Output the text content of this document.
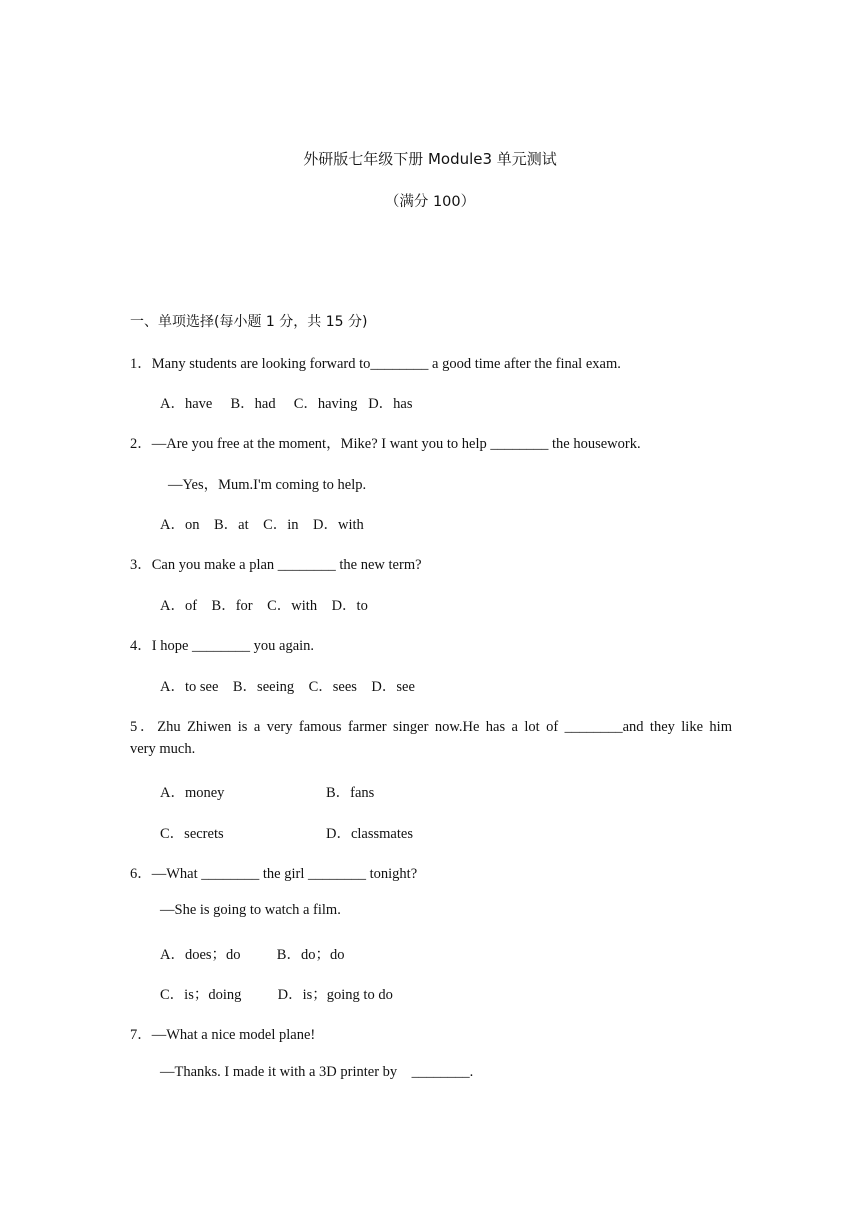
外研版七年级下册 Module3 单元测试
（满分 100）
一、单项选择(每小题 1 分，共 15 分)
1．Many students are looking forward to________ a good time after the final exam.
A．have     B．had     C．having   D．has
2．—Are you free at the moment，Mike? I want you to help ________ the housework.
—Yes，Mum.I'm coming to help.
A．on    B．at    C．in    D．with
3．Can you make a plan ________ the new term?
A．of    B．for    C．with    D．to
4．I hope ________ you again.
A．to see    B．seeing    C．sees    D．see
5．Zhu Zhiwen is a very famous farmer singer now.He has a lot of ________and they like him
very much.
A．money	B．fans
C．secrets	D．classmates
6．—What ________ the girl ________ tonight?
—She is going to watch a film.
A．does；do          B．do；do
C．is；doing          D．is；going to do
7．—What a nice model plane!
—Thanks. I made it with a 3D printer by    ________.
